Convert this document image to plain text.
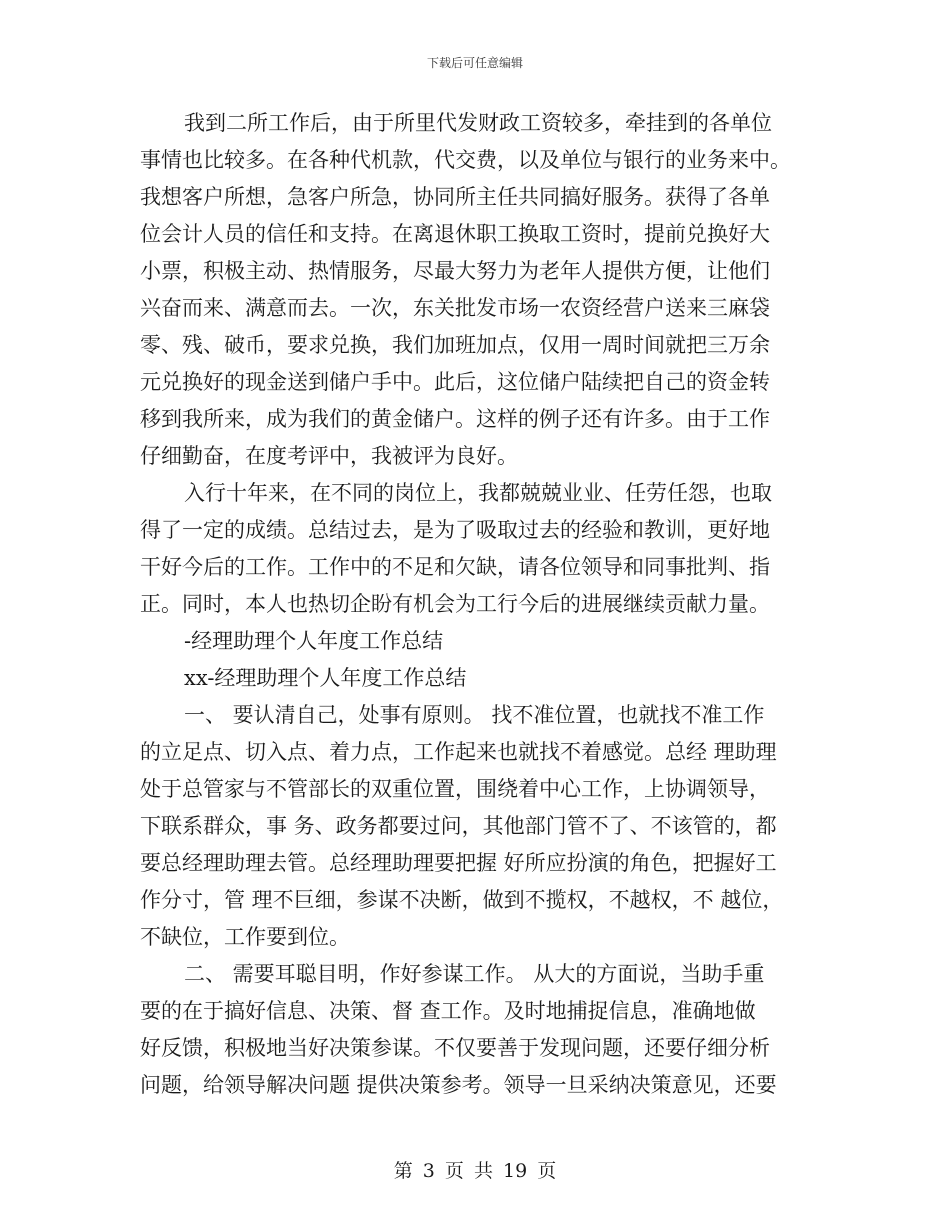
下载后可任意编辑
我到二所工作后，由于所里代发财政工资较多，牵挂到的各单位
事情也比较多。在各种代机款，代交费，以及单位与银行的业务来中。
我想客户所想，急客户所急，协同所主任共同搞好服务。获得了各单
位会计人员的信任和支持。在离退休职工换取工资时，提前兑换好大
小票，积极主动、热情服务，尽最大努力为老年人提供方便，让他们
兴奋而来、满意而去。一次，东关批发市场一农资经营户送来三麻袋
零、残、破币，要求兑换，我们加班加点，仅用一周时间就把三万余
元兑换好的现金送到储户手中。此后，这位储户陆续把自己的资金转
移到我所来，成为我们的黄金储户。这样的例子还有许多。由于工作
仔细勤奋，在度考评中，我被评为良好。
入行十年来，在不同的岗位上，我都兢兢业业、任劳任怨，也取
得了一定的成绩。总结过去，是为了吸取过去的经验和教训，更好地
干好今后的工作。工作中的不足和欠缺，请各位领导和同事批判、指
正。同时，本人也热切企盼有机会为工行今后的进展继续贡献力量。
-经理助理个人年度工作总结
xx-经理助理个人年度工作总结
一、 要认清自己，处事有原则。 找不准位置，也就找不准工作
的立足点、切入点、着力点，工作起来也就找不着感觉。总经 理助理
处于总管家与不管部长的双重位置，围绕着中心工作，上协调领导，
下联系群众，事 务、政务都要过问，其他部门管不了、不该管的，都
要总经理助理去管。总经理助理要把握 好所应扮演的角色，把握好工
作分寸，管 理不巨细，参谋不决断，做到不揽权，不越权，不 越位，
不缺位，工作要到位。
二、 需要耳聪目明，作好参谋工作。 从大的方面说，当助手重
要的在于搞好信息、决策、督 查工作。及时地捕捉信息，准确地做
好反馈，积极地当好决策参谋。不仅要善于发现问题，还要仔细分析
问题，给领导解决问题 提供决策参考。领导一旦采纳决策意见，还要
第 3 页 共 19 页
